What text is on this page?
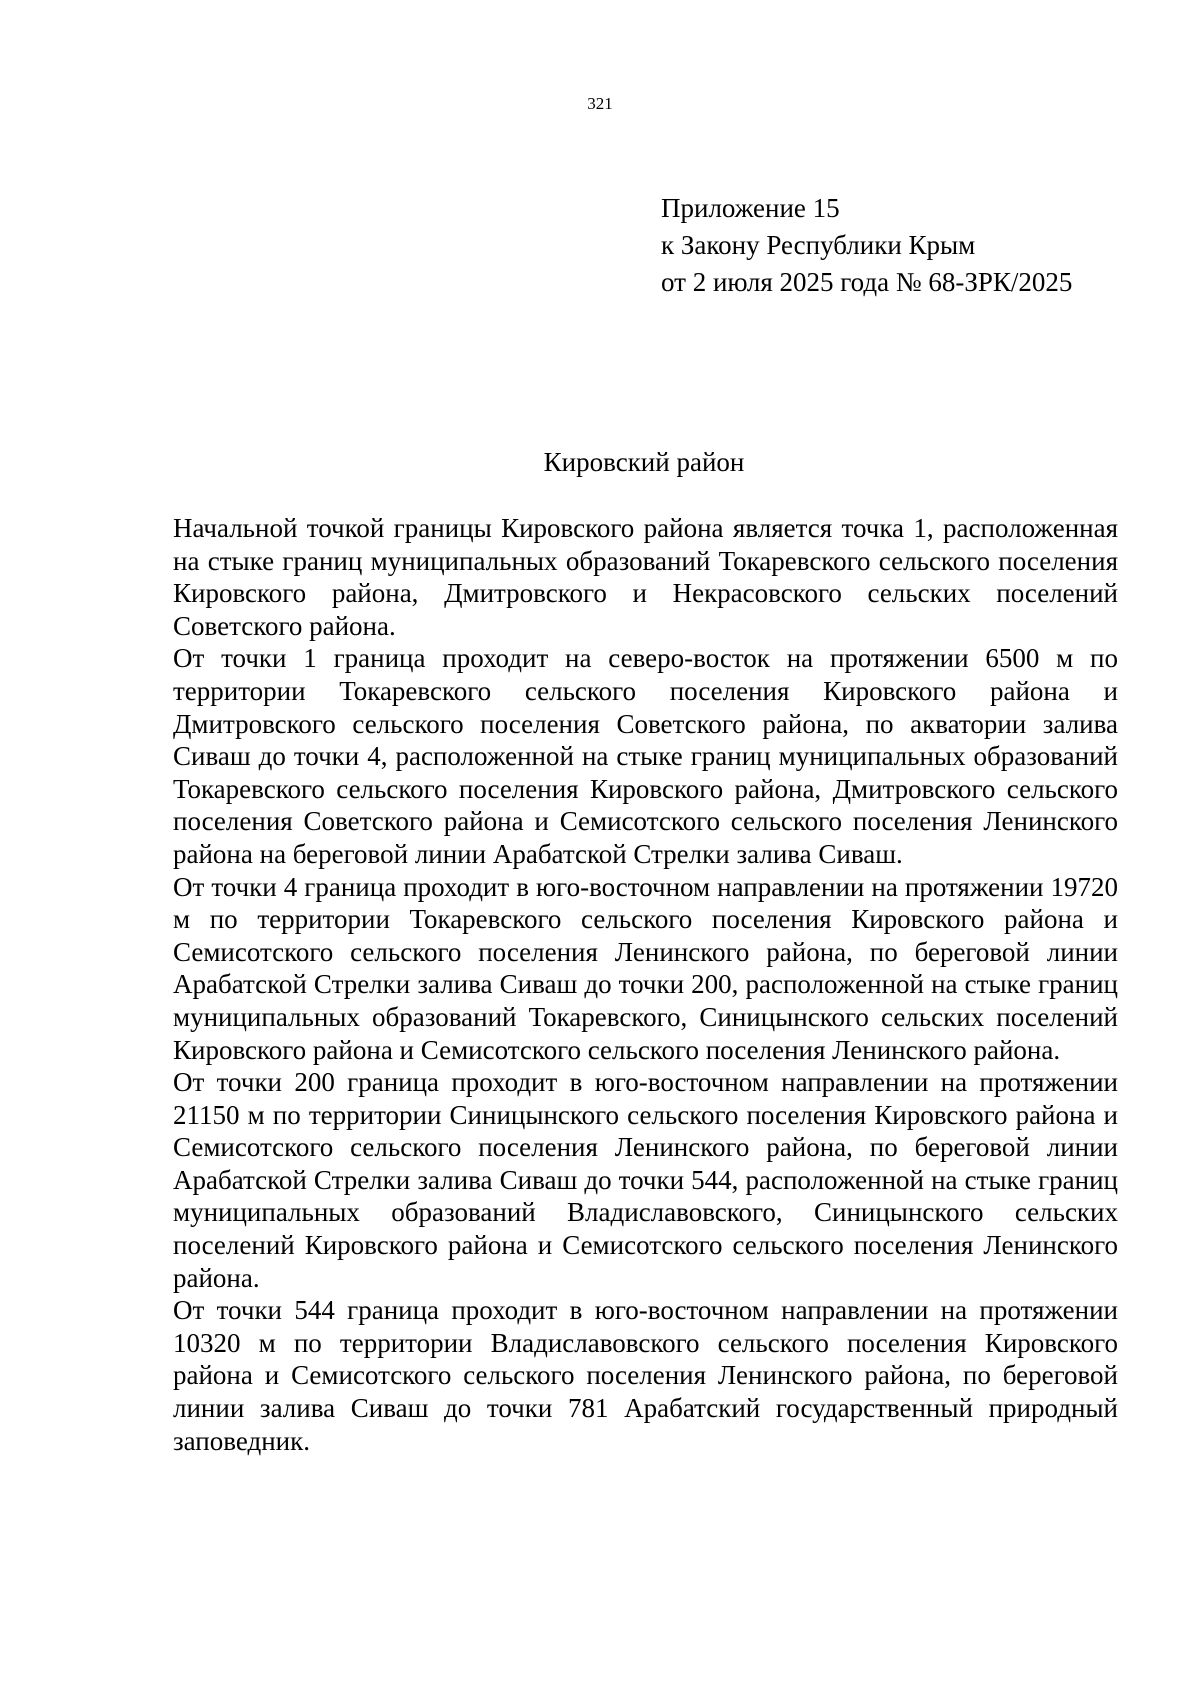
321
Приложение 15
к Закону Республики Крым
от 2 июля 2025 года № 68-ЗРК/2025
Кировский район

Начальной точкой границы Кировского района является точка 1, расположенная на стыке границ муниципальных образований Токаревского сельского поселения Кировского района, Дмитровского и Некрасовского сельских поселений Советского района.

От точки 1 граница проходит на северо-восток на протяжении 6500 м по территории Токаревского сельского поселения Кировского района и Дмитровского сельского поселения Советского района, по акватории залива Сиваш до точки 4, расположенной на стыке границ муниципальных образований Токаревского сельского поселения Кировского района, Дмитровского сельского поселения Советского района и Семисотского сельского поселения Ленинского района на береговой линии Арабатской Стрелки залива Сиваш.

От точки 4 граница проходит в юго-восточном направлении на протяжении 19720 м по территории Токаревского сельского поселения Кировского района и Семисотского сельского поселения Ленинского района, по береговой линии Арабатской Стрелки залива Сиваш до точки 200, расположенной на стыке границ муниципальных образований Токаревского, Синицынского сельских поселений Кировского района и Семисотского сельского поселения Ленинского района.

От точки 200 граница проходит в юго-восточном направлении на протяжении 21150 м по территории Синицынского сельского поселения Кировского района и Семисотского сельского поселения Ленинского района, по береговой линии Арабатской Стрелки залива Сиваш до точки 544, расположенной на стыке границ муниципальных образований Владиславовского, Синицынского сельских поселений Кировского района и Семисотского сельского поселения Ленинского района.

От точки 544 граница проходит в юго-восточном направлении на протяжении 10320 м по территории Владиславовского сельского поселения Кировского района и Семисотского сельского поселения Ленинского района, по береговой линии залива Сиваш до точки 781 Арабатский государственный природный заповедник.
